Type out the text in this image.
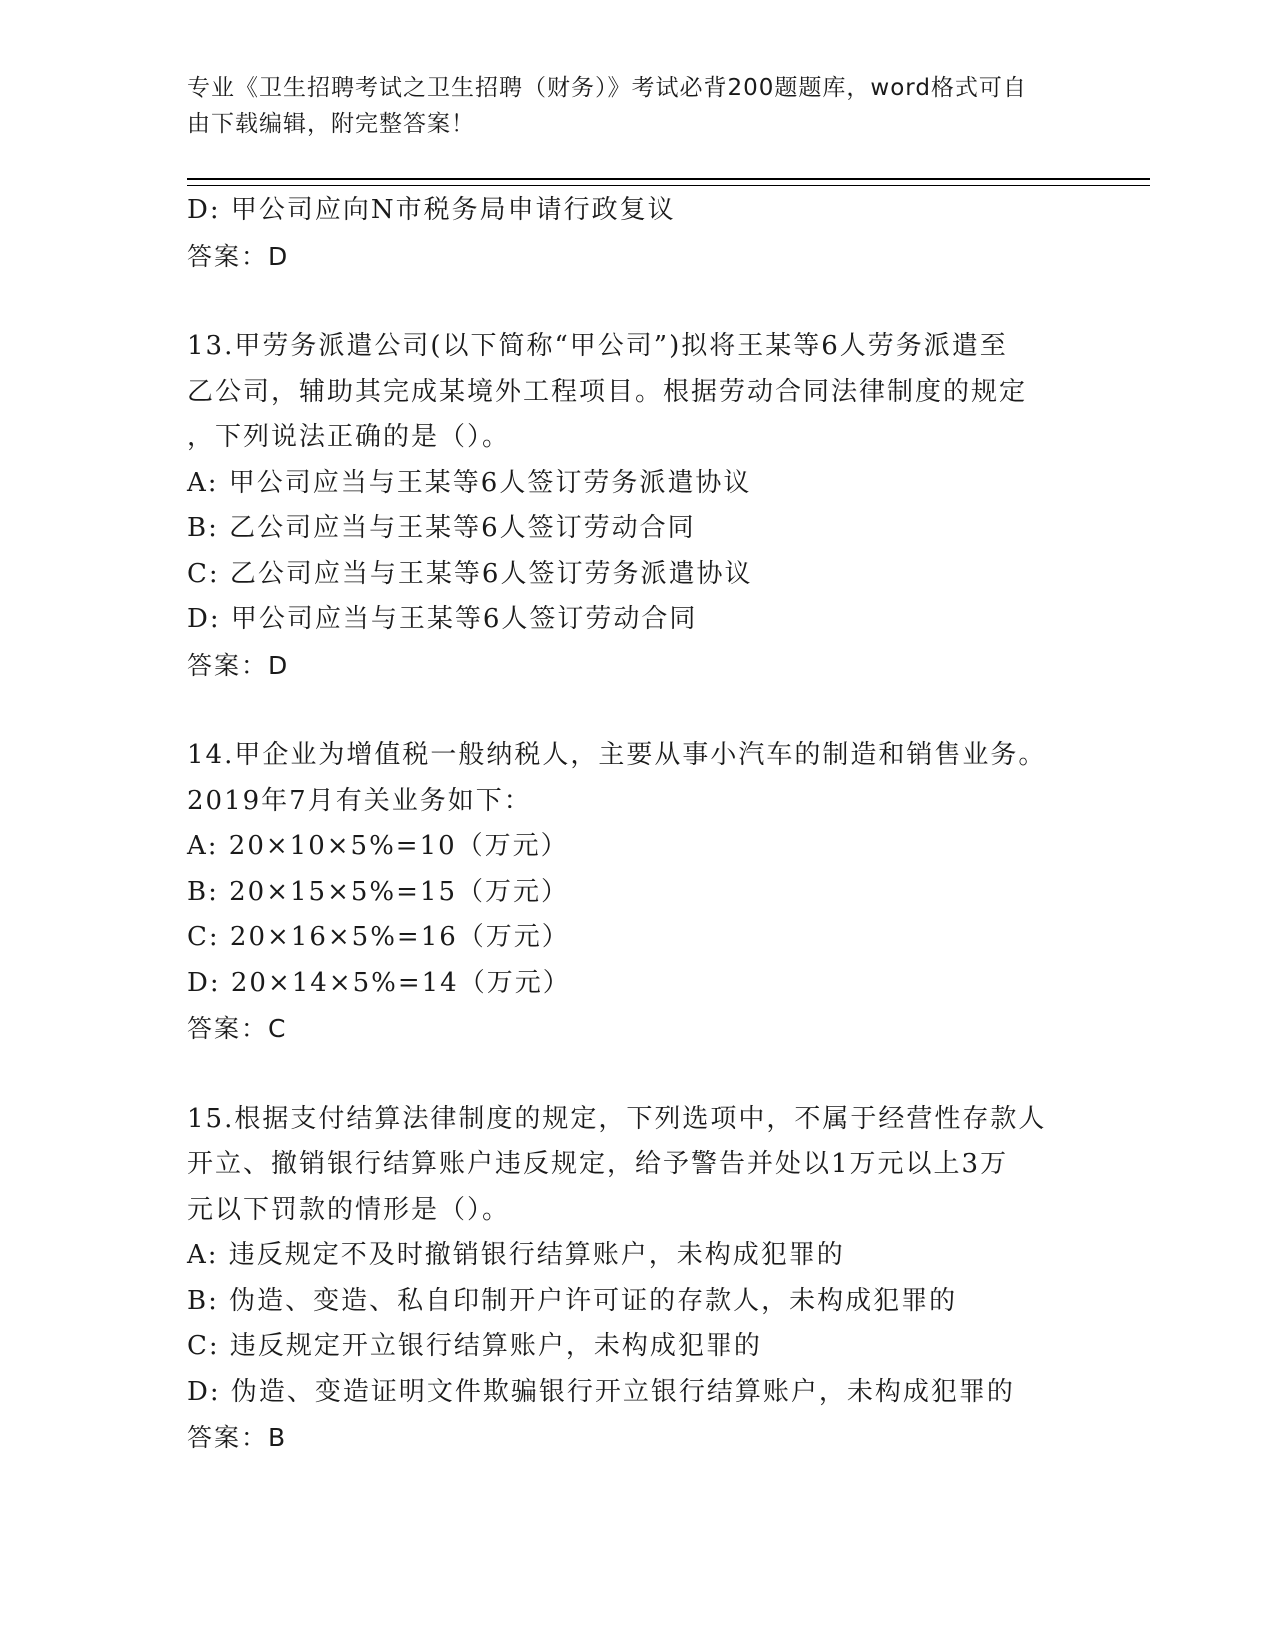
专业《卫生招聘考试之卫生招聘（财务）》考试必背200题题库，word格式可自
由下载编辑，附完整答案！
D: 甲公司应向N市税务局申请行政复议
答案：D
13.甲劳务派遣公司(以下简称“甲公司”)拟将王某等6人劳务派遣至
乙公司，辅助其完成某境外工程项目。根据劳动合同法律制度的规定
，下列说法正确的是（）。
A: 甲公司应当与王某等6人签订劳务派遣协议
B: 乙公司应当与王某等6人签订劳动合同
C: 乙公司应当与王某等6人签订劳务派遣协议
D: 甲公司应当与王某等6人签订劳动合同
答案：D
14.甲企业为增值税一般纳税人，主要从事小汽车的制造和销售业务。
2019年7月有关业务如下：
A: 20×10×5%=10（万元）
B: 20×15×5%=15（万元）
C: 20×16×5%=16（万元）
D: 20×14×5%=14（万元）
答案：C
15.根据支付结算法律制度的规定，下列选项中，不属于经营性存款人
开立、撤销银行结算账户违反规定，给予警告并处以1万元以上3万
元以下罚款的情形是（）。
A: 违反规定不及时撤销银行结算账户，未构成犯罪的
B: 伪造、变造、私自印制开户许可证的存款人，未构成犯罪的
C: 违反规定开立银行结算账户，未构成犯罪的
D: 伪造、变造证明文件欺骗银行开立银行结算账户，未构成犯罪的
答案：B
